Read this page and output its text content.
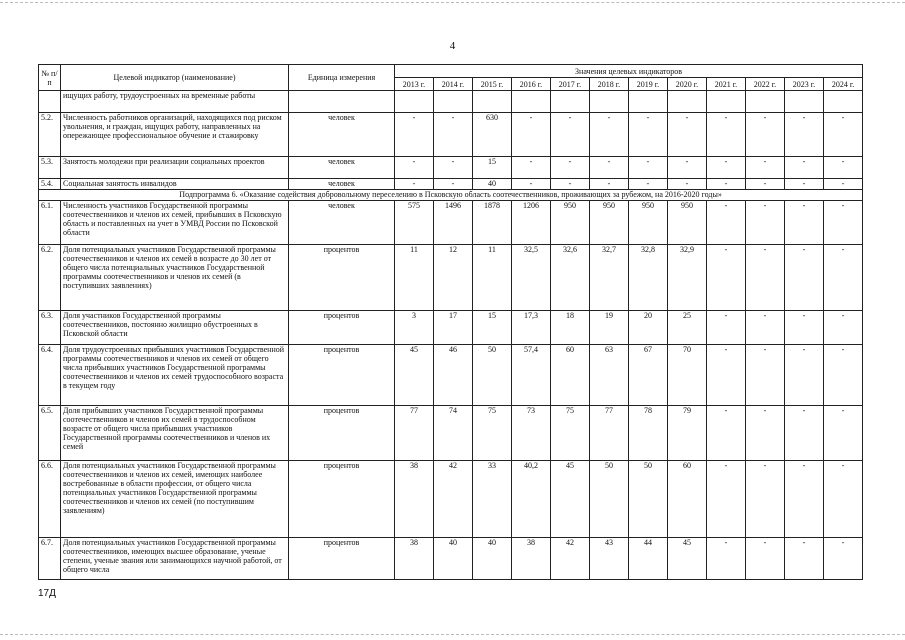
4
№ п/п	Целевой индикатор (наименование)	Единица измерения	Значения целевых индикаторов											
			2013 г.	2014 г.	2015 г.	2016 г.	2017 г.	2018 г.	2019 г.	2020 г.	2021 г.	2022 г.	2023 г.	2024 г.
	ищущих работу, трудоустроенных на временные работы													
5.2.	Численность работников организаций, находящихся под риском увольнения, и граждан, ищущих работу, направленных на опережающее профессиональное обучение и стажировку	человек	-	-	630	-	-	-	-	-	-	-	-	-
5.3.	Занятость молодежи при реализации социальных проектов	человек	-	-	15	-	-	-	-	-	-	-	-	-
5.4.	Социальная занятость инвалидов	человек	-	-	40	-	-	-	-	-	-	-	-	-
Подпрограмма 6. «Оказание содействия добровольному переселению в Псковскую область соотечественников, проживающих за рубежом, на 2016-2020 годы»														
6.1.	Численность участников Государственной программы соотечественников и членов их семей, прибывших в Псковскую область и поставленных на учет в УМВД России по Псковской области	человек	575	1496	1878	1206	950	950	950	950	-	-	-	-
6.2.	Доля потенциальных участников Государственной программы соотечественников и членов их семей в возрасте до 30 лет от общего числа потенциальных участников Государственной программы соотечественников и членов их семей (в поступивших заявлениях)	процентов	11	12	11	32,5	32,6	32,7	32,8	32,9	-	-	-	-
6.3.	Доля участников Государственной программы соотечественников, постоянно жилищно обустроенных в Псковской области	процентов	3	17	15	17,3	18	19	20	25	-	-	-	-
6.4.	Доля трудоустроенных прибывших участников Государственной программы соотечественников и членов их семей от общего числа прибывших участников Государственной программы соотечественников и членов их семей трудоспособного возраста в текущем году	процентов	45	46	50	57,4	60	63	67	70	-	-	-	-
6.5.	Доля прибывших участников Государственной программы соотечественников и членов их семей в трудоспособном возрасте от общего числа прибывших участников Государственной программы соотечественников и членов их семей	процентов	77	74	75	73	75	77	78	79	-	-	-	-
6.6.	Доля потенциальных участников Государственной программы соотечественников и членов их семей, имеющих наиболее востребованные в области профессии, от общего числа потенциальных участников Государственной программы соотечественников и членов их семей (по поступившим заявлениям)	процентов	38	42	33	40,2	45	50	50	60	-	-	-	-
6.7.	Доля потенциальных участников Государственной программы соотечественников, имеющих высшее образование, ученые степени, ученые звания или занимающихся научной работой, от общего числа	процентов	38	40	40	38	42	43	44	45	-	-	-	-
17Д
